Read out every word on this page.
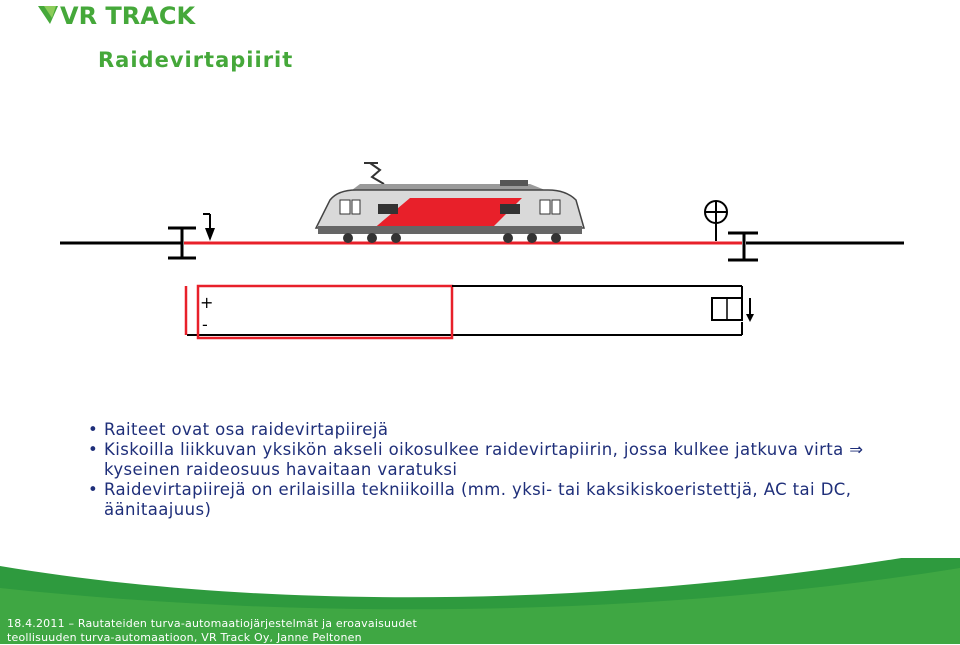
VR TRACK
Raidevirtapiirit
+
-
• Raiteet ovat osa raidevirtapiirejä
• Kiskoilla liikkuvan yksikön akseli oikosulkee raidevirtapiirin, jossa kulkee jatkuva virta ⇒ kyseinen raideosuus havaitaan varatuksi
• Raidevirtapiirejä on erilaisilla tekniikoilla (mm. yksi- tai kaksikiskoeristettjä, AC tai DC, äänitaajuus)
18.4.2011 – Rautateiden turva-automaatiojärjestelmät ja eroavaisuudet
teollisuuden turva-automaatioon, VR Track Oy, Janne Peltonen
